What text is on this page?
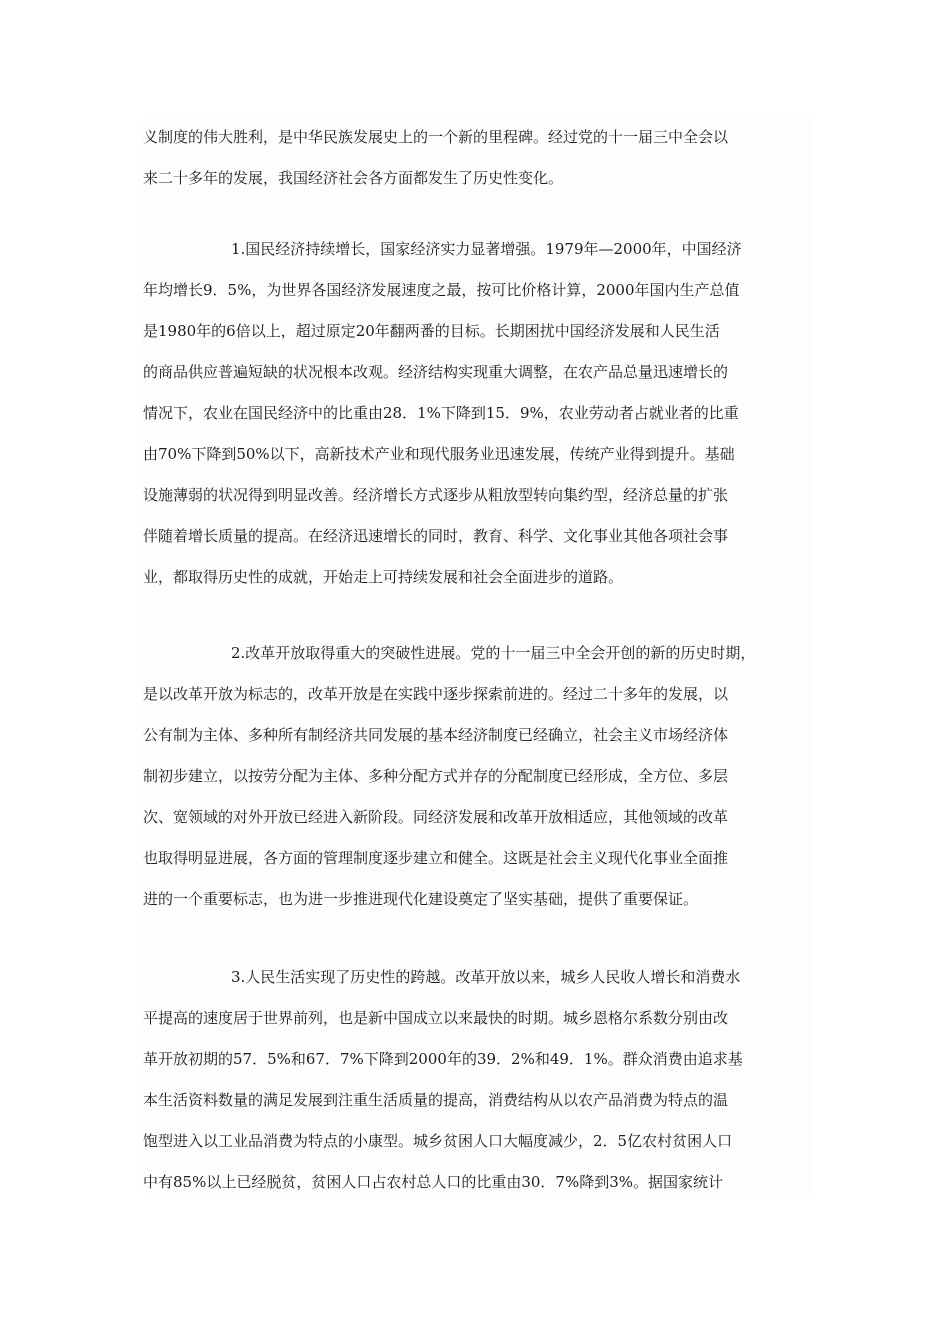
义制度的伟大胜利，是中华民族发展史上的一个新的里程碑。经过党的十一届三中全会以
来二十多年的发展，我国经济社会各方面都发生了历史性变化。
1.国民经济持续增长，国家经济实力显著增强。1979年—2000年，中国经济
年均增长9．5%，为世界各国经济发展速度之最，按可比价格计算，2000年国内生产总值
是1980年的6倍以上，超过原定20年翻两番的目标。长期困扰中国经济发展和人民生活
的商品供应普遍短缺的状况根本改观。经济结构实现重大调整，在农产品总量迅速增长的
情况下，农业在国民经济中的比重由28．1%下降到15．9%，农业劳动者占就业者的比重
由70%下降到50%以下，高新技术产业和现代服务业迅速发展，传统产业得到提升。基础
设施薄弱的状况得到明显改善。经济增长方式逐步从粗放型转向集约型，经济总量的扩张
伴随着增长质量的提高。在经济迅速增长的同时，教育、科学、文化事业其他各项社会事
业，都取得历史性的成就，开始走上可持续发展和社会全面进步的道路。
2.改革开放取得重大的突破性进展。党的十一届三中全会开创的新的历史时期，
是以改革开放为标志的，改革开放是在实践中逐步探索前进的。经过二十多年的发展，以
公有制为主体、多种所有制经济共同发展的基本经济制度已经确立，社会主义市场经济体
制初步建立，以按劳分配为主体、多种分配方式并存的分配制度已经形成，全方位、多层
次、宽领域的对外开放已经进入新阶段。同经济发展和改革开放相适应，其他领域的改革
也取得明显进展，各方面的管理制度逐步建立和健全。这既是社会主义现代化事业全面推
进的一个重要标志，也为进一步推进现代化建设奠定了坚实基础，提供了重要保证。
3.人民生活实现了历史性的跨越。改革开放以来，城乡人民收人增长和消费水
平提高的速度居于世界前列，也是新中国成立以来最快的时期。城乡恩格尔系数分别由改
革开放初期的57．5%和67．7%下降到2000年的39．2%和49．1%。群众消费由追求基
本生活资料数量的满足发展到注重生活质量的提高，消费结构从以农产品消费为特点的温
饱型进入以工业品消费为特点的小康型。城乡贫困人口大幅度减少，2．5亿农村贫困人口
中有85%以上已经脱贫，贫困人口占农村总人口的比重由30．7%降到3%。据国家统计
